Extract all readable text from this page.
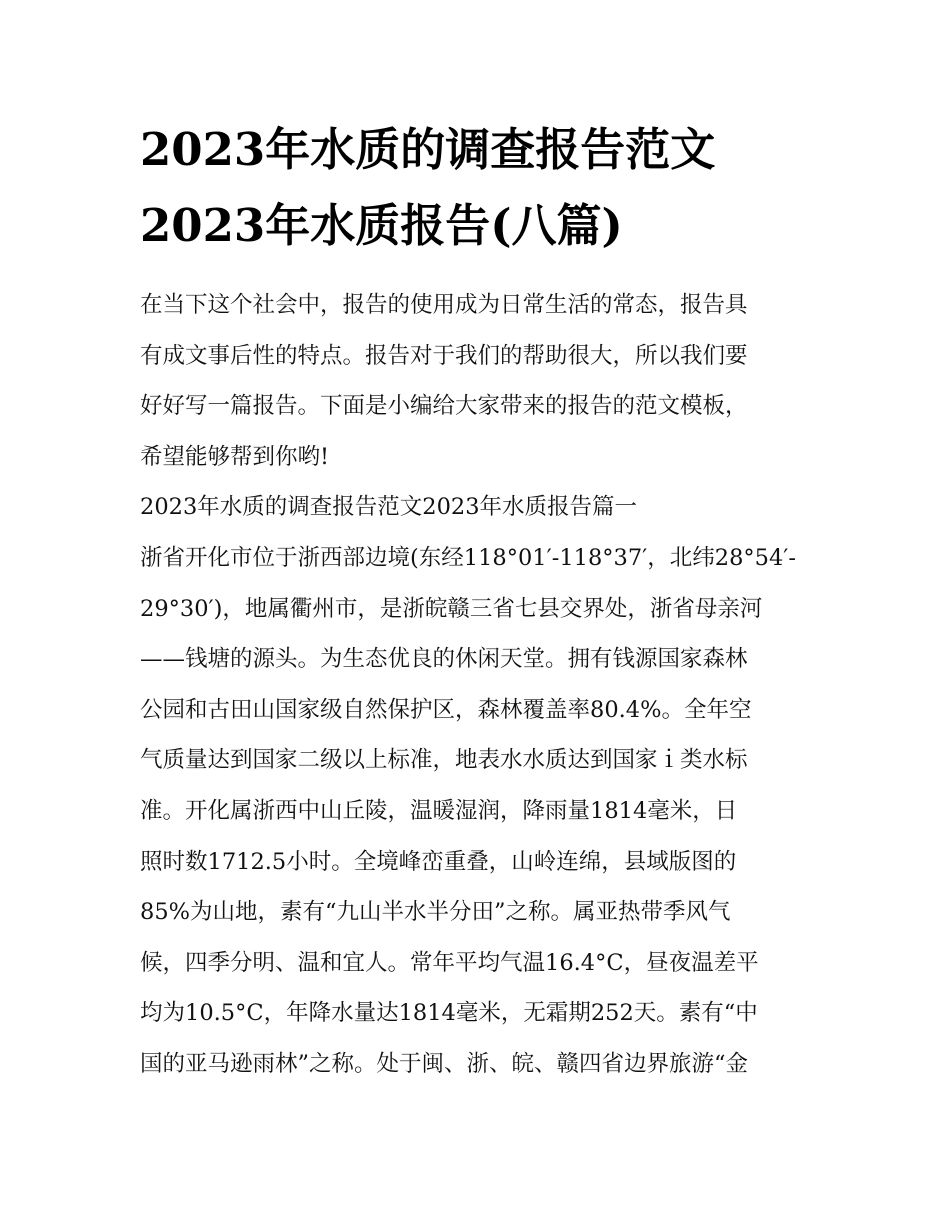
2023年水质的调查报告范文
2023年水质报告(八篇)
在当下这个社会中，报告的使用成为日常生活的常态，报告具
有成文事后性的特点。报告对于我们的帮助很大，所以我们要
好好写一篇报告。下面是小编给大家带来的报告的范文模板，
希望能够帮到你哟!
2023年水质的调查报告范文2023年水质报告篇一
浙省开化市位于浙西部边境(东经118°01′-118°37′，北纬28°54′-
29°30′)，地属衢州市，是浙皖赣三省七县交界处，浙省母亲河
——钱塘的源头。为生态优良的休闲天堂。拥有钱源国家森林
公园和古田山国家级自然保护区，森林覆盖率80.4%。全年空
气质量达到国家二级以上标准，地表水水质达到国家ｉ类水标
准。开化属浙西中山丘陵，温暖湿润，降雨量1814毫米，日
照时数1712.5小时。全境峰峦重叠，山岭连绵，县域版图的
85%为山地，素有“九山半水半分田”之称。属亚热带季风气
候，四季分明、温和宜人。常年平均气温16.4°C，昼夜温差平
均为10.5°C，年降水量达1814毫米，无霜期252天。素有“中
国的亚马逊雨林”之称。处于闽、浙、皖、赣四省边界旅游“金
